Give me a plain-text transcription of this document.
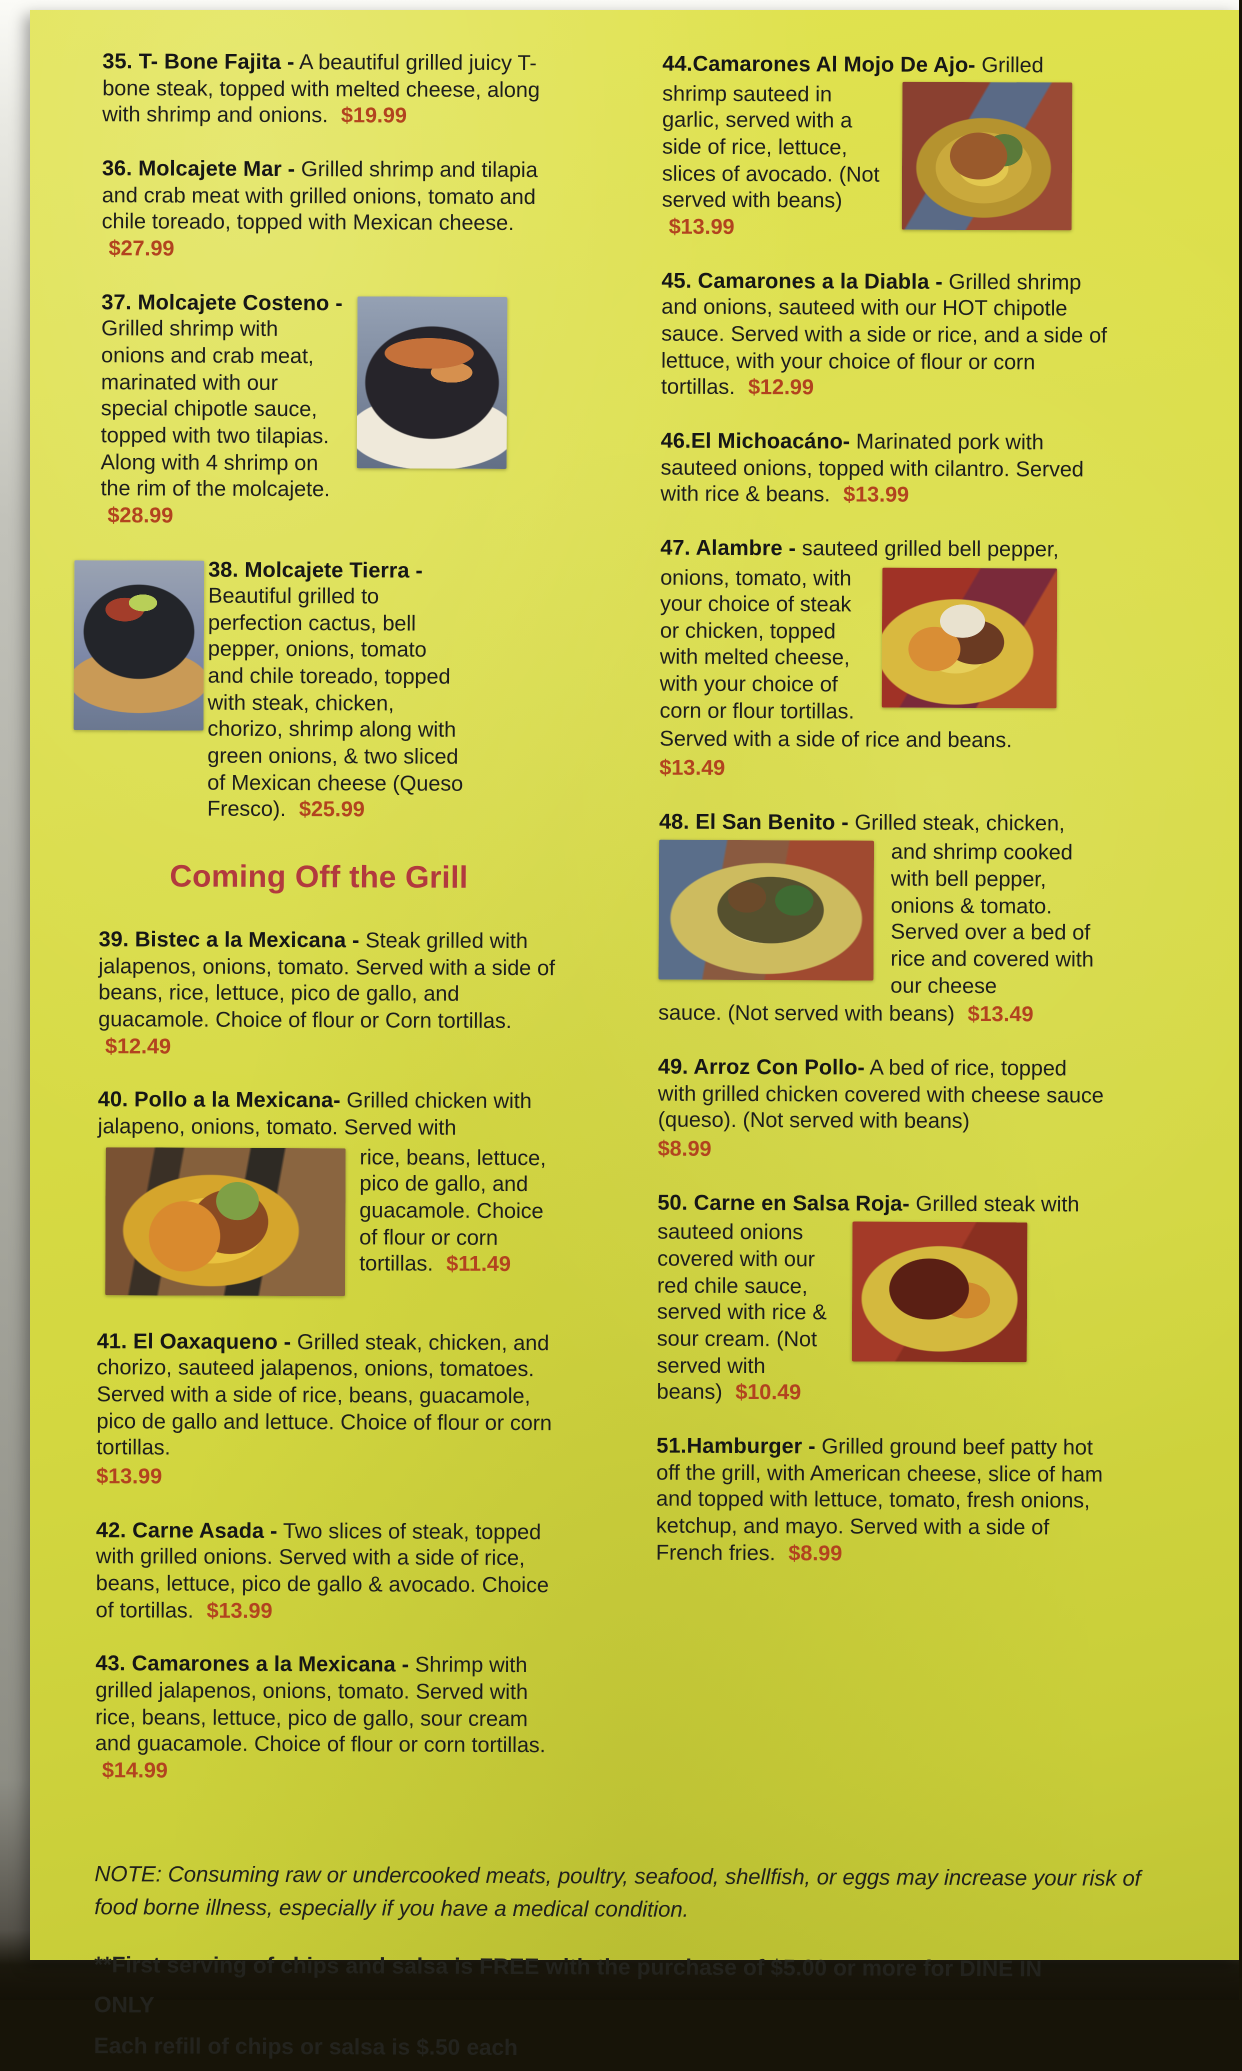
35. T- Bone Fajita - A beautiful grilled juicy T-bone steak, topped with melted cheese, along with shrimp and onions. $19.99

36. Molcajete Mar - Grilled shrimp and tilapia and crab meat with grilled onions, tomato and chile toreado, topped with Mexican cheese. $27.99

37. Molcajete Costeno - Grilled shrimp with onions and crab meat, marinated with our special chipotle sauce, topped with two tilapias. Along with 4 shrimp on the rim of the molcajete. $28.99

38. Molcajete Tierra - Beautiful grilled to perfection cactus, bell pepper, onions, tomato and chile toreado, topped with steak, chicken, chorizo, shrimp along with green onions, & two sliced of Mexican cheese (Queso Fresco). $25.99

Coming Off the Grill

39. Bistec a la Mexicana - Steak grilled with jalapenos, onions, tomato. Served with a side of beans, rice, lettuce, pico de gallo, and guacamole. Choice of flour or Corn tortillas. $12.49

40. Pollo a la Mexicana- Grilled chicken with jalapeno, onions, tomato. Served with

rice, beans, lettuce, pico de gallo, and guacamole. Choice of flour or corn tortillas. $11.49

41. El Oaxaqueno - Grilled steak, chicken, and chorizo, sauteed jalapenos, onions, tomatoes. Served with a side of rice, beans, guacamole, pico de gallo and lettuce. Choice of flour or corn tortillas.
$13.99

42. Carne Asada - Two slices of steak, topped with grilled onions. Served with a side of rice, beans, lettuce, pico de gallo & avocado. Choice of tortillas. $13.99

43. Camarones a la Mexicana - Shrimp with grilled jalapenos, onions, tomato. Served with rice, beans, lettuce, pico de gallo, sour cream and guacamole. Choice of flour or corn tortillas. $14.99

44.Camarones Al Mojo De Ajo- Grilled

shrimp sauteed in garlic, served with a side of rice, lettuce, slices of avocado. (Not served with beans) $13.99

45. Camarones a la Diabla - Grilled shrimp and onions, sauteed with our HOT chipotle sauce. Served with a side or rice, and a side of lettuce, with your choice of flour or corn tortillas. $12.99

46.El Michoacáno- Marinated pork with sauteed onions, topped with cilantro. Served with rice & beans. $13.99

47. Alambre - sauteed grilled bell pepper,

onions, tomato, with your choice of steak or chicken, topped with melted cheese, with your choice of corn or flour tortillas.

Served with a side of rice and beans.
$13.49

48. El San Benito - Grilled steak, chicken,

and shrimp cooked with bell pepper, onions & tomato. Served over a bed of rice and covered with our cheese

sauce. (Not served with beans) $13.49

49. Arroz Con Pollo- A bed of rice, topped with grilled chicken covered with cheese sauce (queso). (Not served with beans)
$8.99

50. Carne en Salsa Roja- Grilled steak with

sauteed onions covered with our red chile sauce, served with rice & sour cream. (Not served with beans) $10.49

51.Hamburger - Grilled ground beef patty hot off the grill, with American cheese, slice of ham and topped with lettuce, tomato, fresh onions, ketchup, and mayo. Served with a side of French fries. $8.99

NOTE: Consuming raw or undercooked meats, poultry, seafood, shellfish, or eggs may increase your risk of food borne illness, especially if you have a medical condition.

**First serving of chips and salsa is FREE with the purchase of $5.00 or more for DINE IN ONLY

Each refill of chips or salsa is $.50 each
